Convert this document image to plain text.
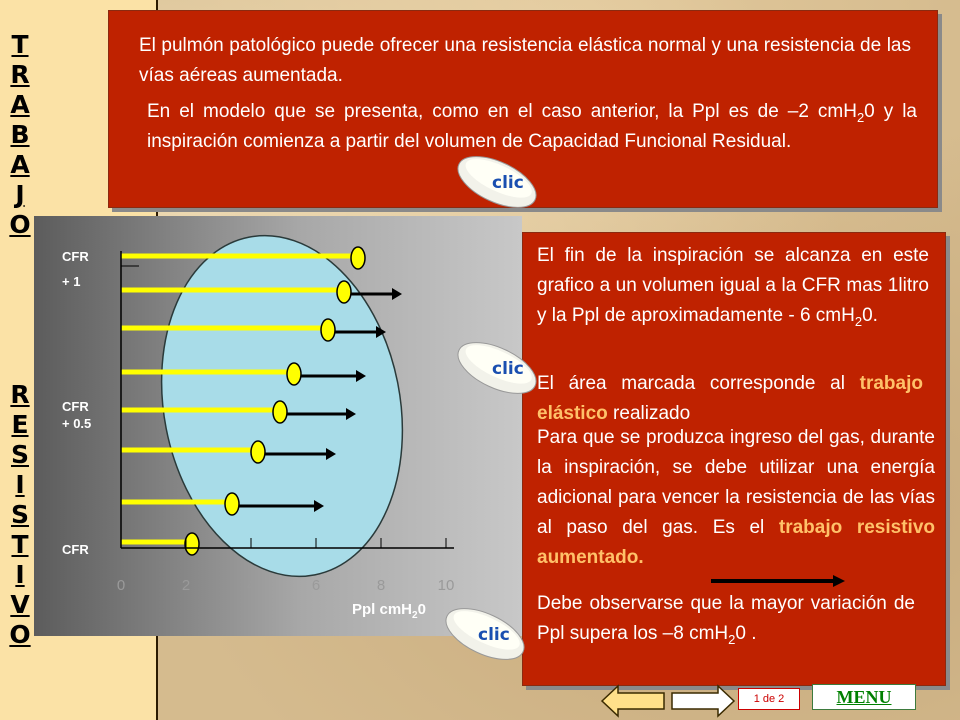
T
R
A
B
A
J
O
R
E
S
I
S
T
I
V
O
El pulmón patológico puede ofrecer una resistencia elástica normal y una resistencia de las vías aéreas aumentada.
En el modelo que se presenta, como en el caso anterior, la Ppl es de –2 cmH$_2$0 y la inspiración comienza a partir del volumen de Capacidad Funcional Residual.
0	2	4	6	8	10
CFR
+ 1
CFR
+ 0.5
CFR
Ppl cmH$_2$0
El fin de la inspiración se alcanza en este grafico a un volumen igual a la CFR mas 1litro y la Ppl de aproximadamente - 6 cmH$_2$0.
El área marcada corresponde al trabajo elástico realizado
Para que se produzca ingreso del gas, durante la inspiración, se debe utilizar una energía adicional para vencer la resistencia de las vías al paso del gas. Es el trabajo resistivo aumentado.
Debe observarse que la mayor variación de Ppl supera los –8 cmH$_2$0 .
clic
clic
clic
1 de 2	MENU
